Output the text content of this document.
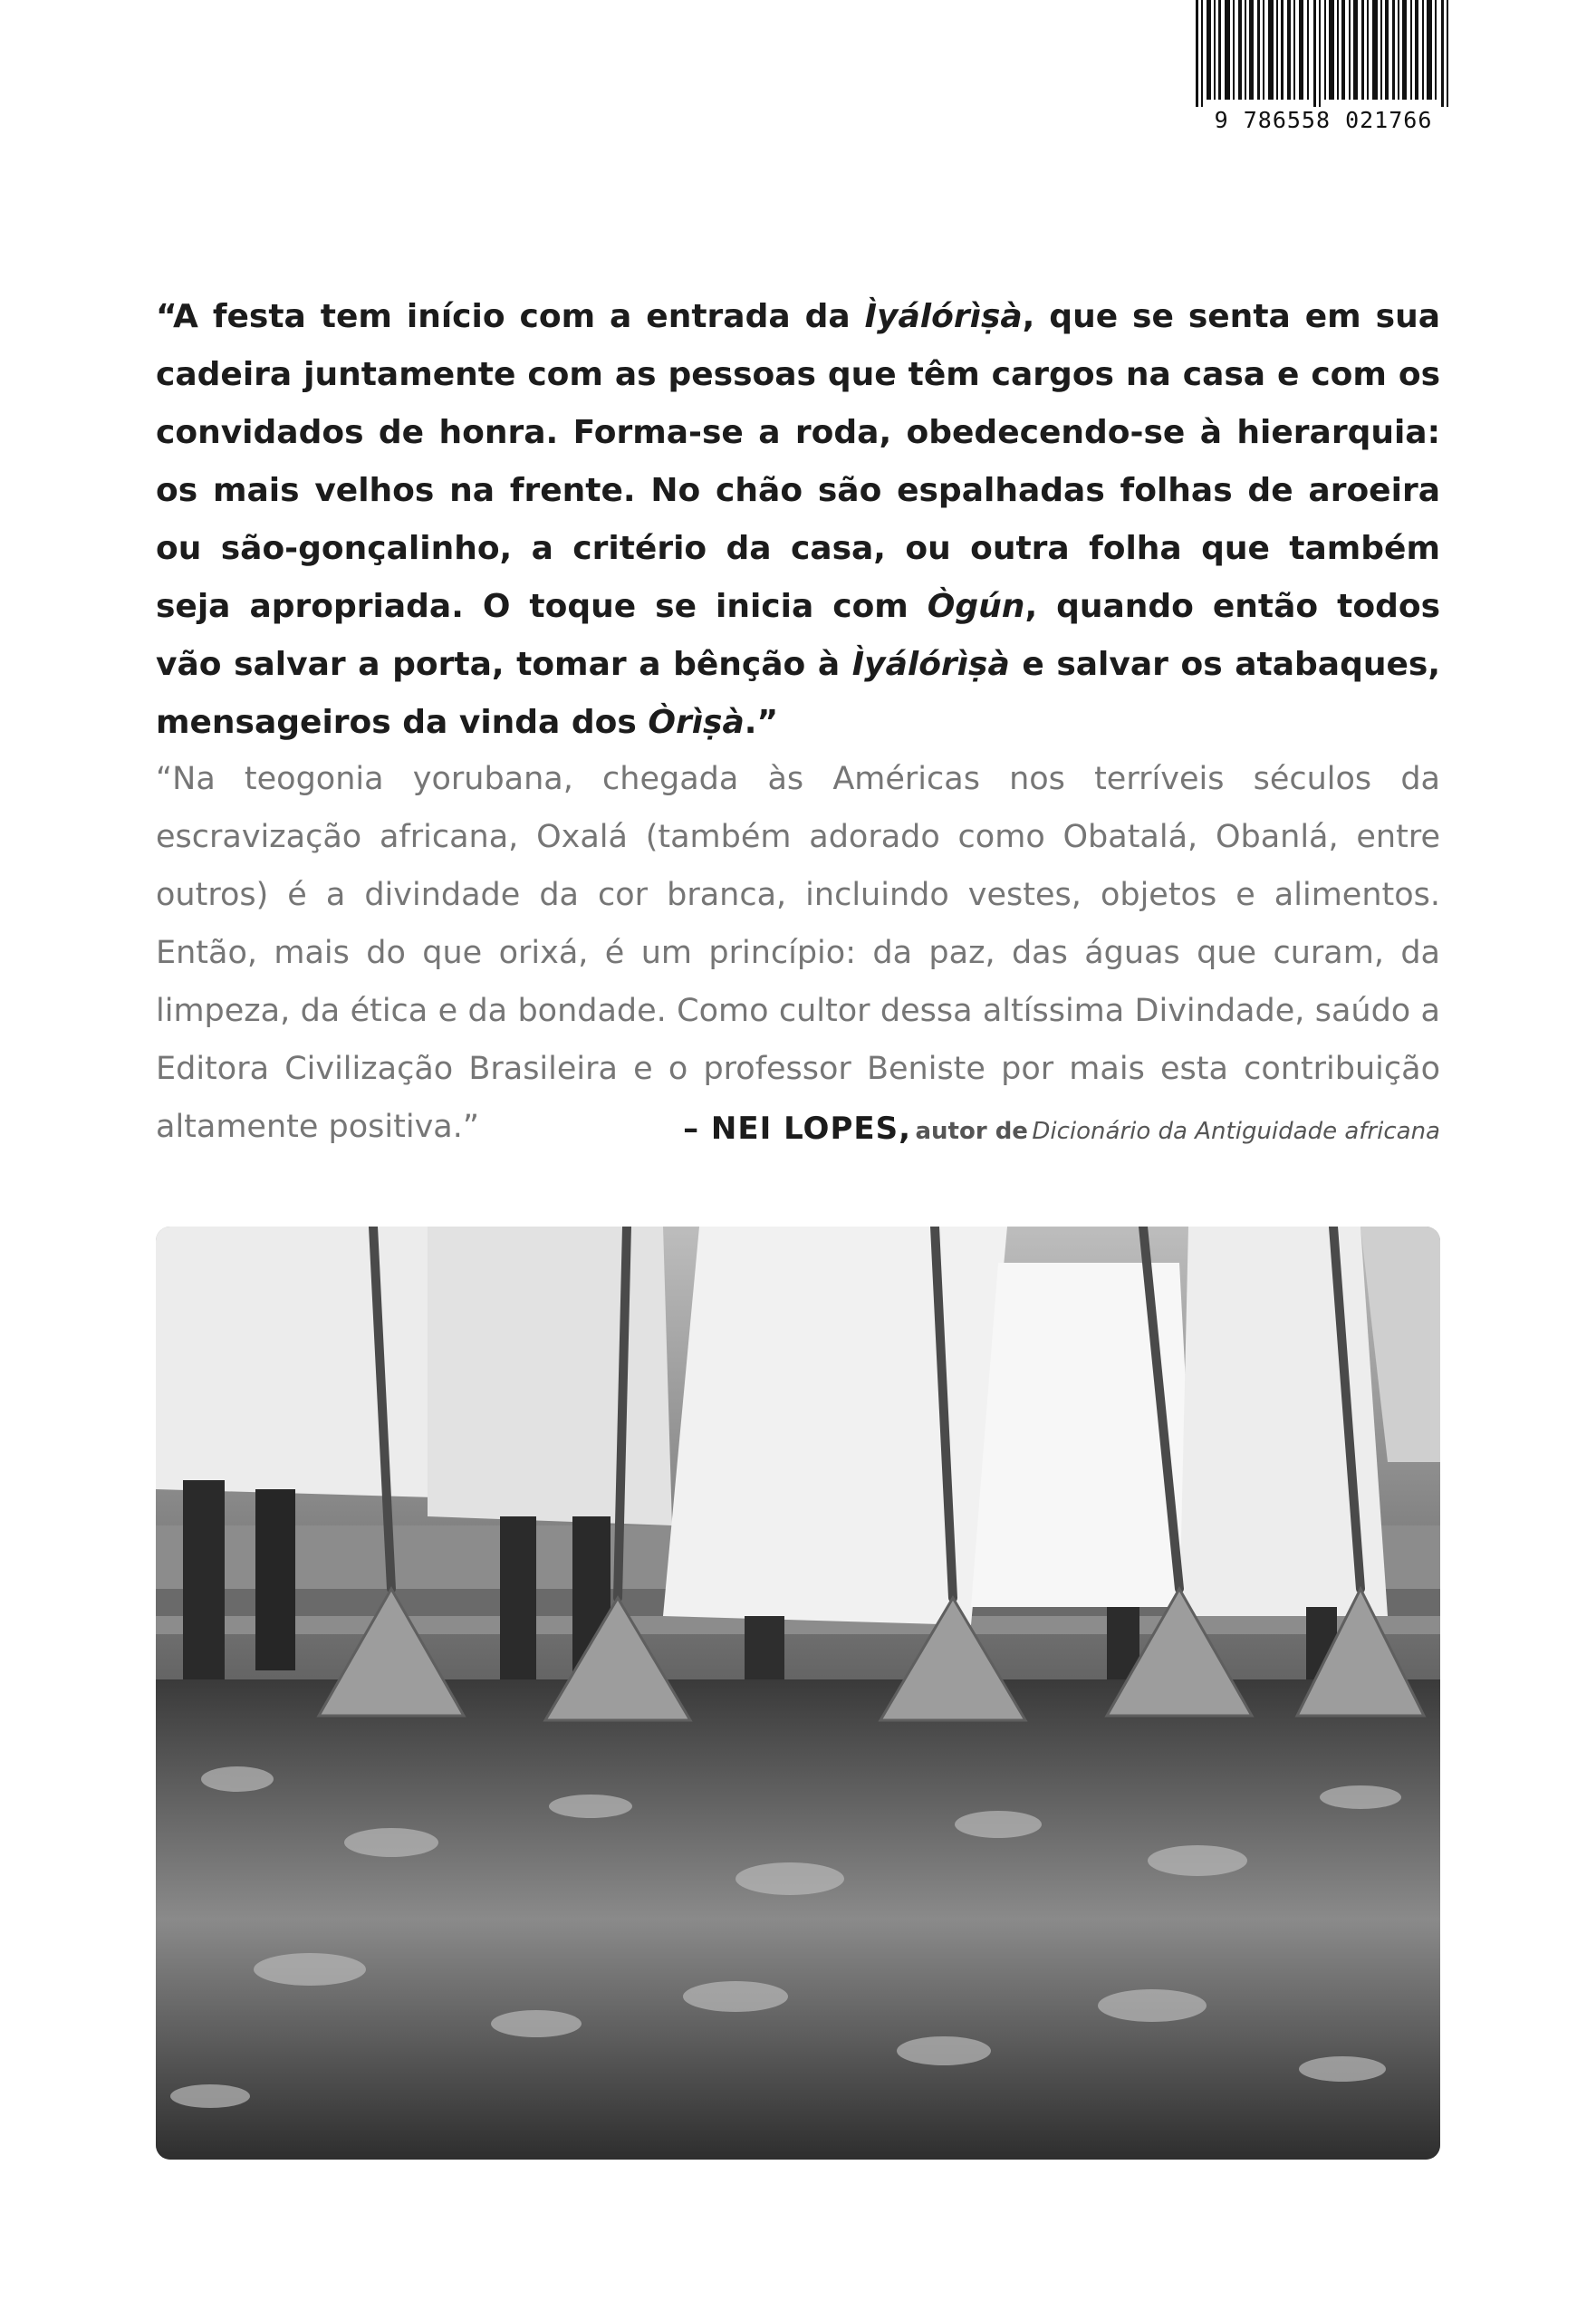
9 786558 021766

“A festa tem início com a entrada da Ìyálórìṣà, que se senta em sua cadeira juntamente com as pessoas que têm cargos na casa e com os convidados de honra. Forma-se a roda, obedecendo-se à hierarquia: os mais velhos na frente. No chão são espalhadas folhas de aroeira ou são-gonçalinho, a critério da casa, ou outra folha que também seja apropriada. O toque se inicia com Ògún, quando então todos vão salvar a porta, tomar a bênção à Ìyálórìṣà e salvar os atabaques, mensageiros da vinda dos Òrìṣà.”

“Na teogonia yorubana, chegada às Américas nos terríveis séculos da escravização africana, Oxalá (também adorado como Obatalá, Obanlá, entre outros) é a divindade da cor branca, incluindo vestes, objetos e alimentos. Então, mais do que orixá, é um princípio: da paz, das águas que curam, da limpeza, da ética e da bondade. Como cultor dessa altíssima Divindade, saúdo a Editora Civilização Brasileira e o professor Beniste por mais esta contribuição altamente positiva.”	– NEI LOPES, autor de Dicionário da Antiguidade africana
